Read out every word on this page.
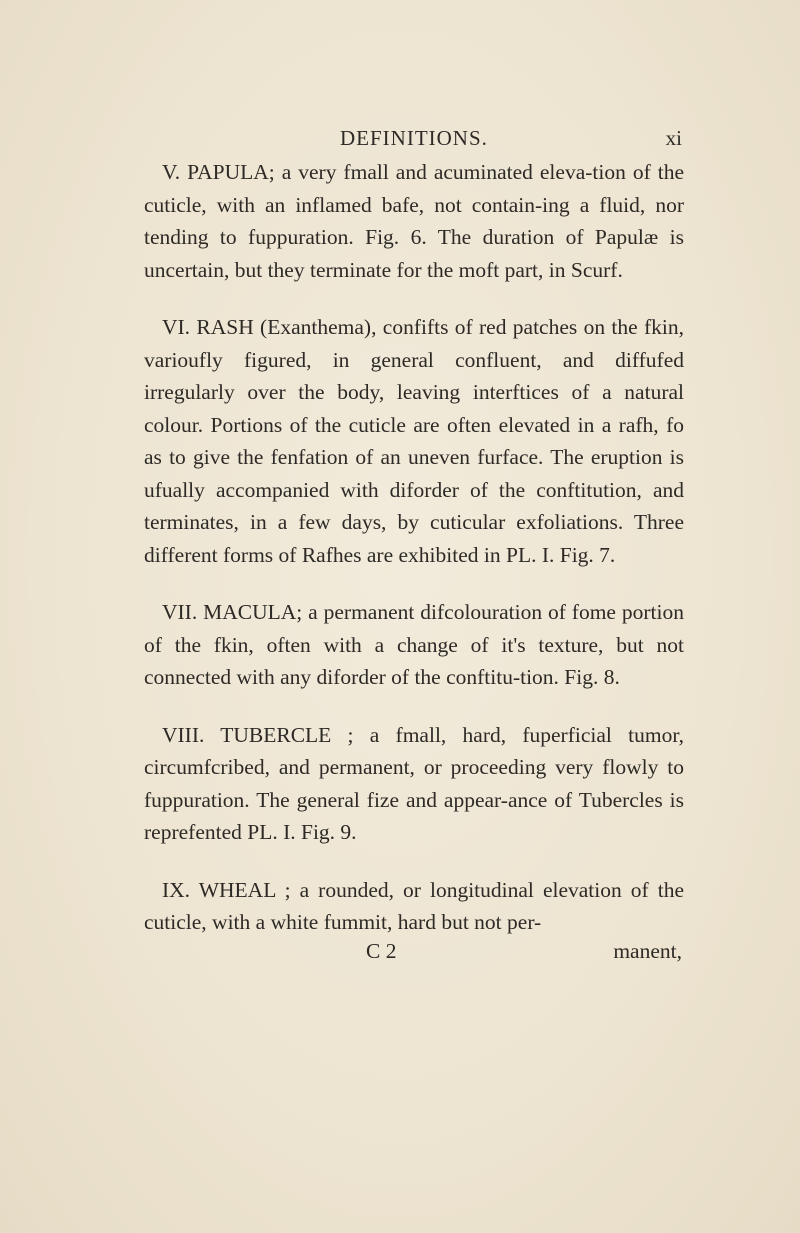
DEFINITIONS.	xi

V. PAPULA; a very fmall and acuminated eleva-tion of the cuticle, with an inflamed bafe, not contain-ing a fluid, nor tending to fuppuration. Fig. 6. The duration of Papulæ is uncertain, but they terminate for the moft part, in Scurf.

VI. RASH (Exanthema), confifts of red patches on the fkin, varioufly figured, in general confluent, and diffufed irregularly over the body, leaving interftices of a natural colour. Portions of the cuticle are often elevated in a rafh, fo as to give the fenfation of an uneven furface. The eruption is ufually accompanied with diforder of the conftitution, and terminates, in a few days, by cuticular exfoliations. Three different forms of Rafhes are exhibited in PL. I. Fig. 7.

VII. MACULA; a permanent difcolouration of fome portion of the fkin, often with a change of it's texture, but not connected with any diforder of the conftitu-tion. Fig. 8.

VIII. TUBERCLE ; a fmall, hard, fuperficial tumor, circumfcribed, and permanent, or proceeding very flowly to fuppuration. The general fize and appear-ance of Tubercles is reprefented PL. I. Fig. 9.

IX. WHEAL ; a rounded, or longitudinal elevation of the cuticle, with a white fummit, hard but not per-

C 2	manent,
